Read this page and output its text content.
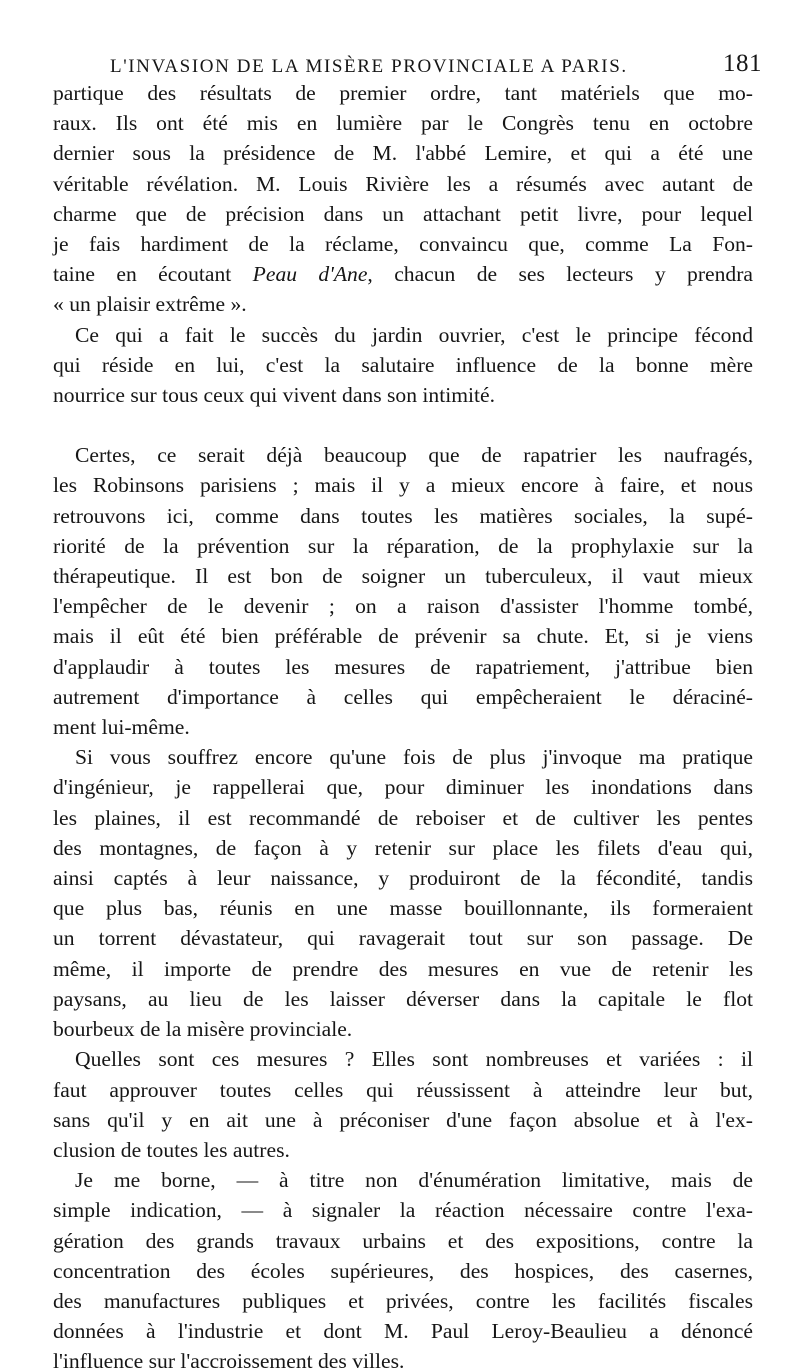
L'INVASION DE LA MISÈRE PROVINCIALE A PARIS.	181

partique des résultats de premier ordre, tant matériels que mo-
raux. Ils ont été mis en lumière par le Congrès tenu en octobre
dernier sous la présidence de M. l'abbé Lemire, et qui a été une
véritable révélation. M. Louis Rivière les a résumés avec autant de
charme que de précision dans un attachant petit livre, pour lequel
je fais hardiment de la réclame, convaincu que, comme La Fon-
taine en écoutant Peau d'Ane, chacun de ses lecteurs y prendra
« un plaisir extrême ».

Ce qui a fait le succès du jardin ouvrier, c'est le principe fécond
qui réside en lui, c'est la salutaire influence de la bonne mère
nourrice sur tous ceux qui vivent dans son intimité.

Certes, ce serait déjà beaucoup que de rapatrier les naufragés,
les Robinsons parisiens ; mais il y a mieux encore à faire, et nous
retrouvons ici, comme dans toutes les matières sociales, la supé-
riorité de la prévention sur la réparation, de la prophylaxie sur la
thérapeutique. Il est bon de soigner un tuberculeux, il vaut mieux
l'empêcher de le devenir ; on a raison d'assister l'homme tombé,
mais il eût été bien préférable de prévenir sa chute. Et, si je viens
d'applaudir à toutes les mesures de rapatriement, j'attribue bien
autrement d'importance à celles qui empêcheraient le déraciné-
ment lui-même.

Si vous souffrez encore qu'une fois de plus j'invoque ma pratique
d'ingénieur, je rappellerai que, pour diminuer les inondations dans
les plaines, il est recommandé de reboiser et de cultiver les pentes
des montagnes, de façon à y retenir sur place les filets d'eau qui,
ainsi captés à leur naissance, y produiront de la fécondité, tandis
que plus bas, réunis en une masse bouillonnante, ils formeraient
un torrent dévastateur, qui ravagerait tout sur son passage. De
même, il importe de prendre des mesures en vue de retenir les
paysans, au lieu de les laisser déverser dans la capitale le flot
bourbeux de la misère provinciale.

Quelles sont ces mesures ? Elles sont nombreuses et variées : il
faut approuver toutes celles qui réussissent à atteindre leur but,
sans qu'il y en ait une à préconiser d'une façon absolue et à l'ex-
clusion de toutes les autres.

Je me borne, — à titre non d'énumération limitative, mais de
simple indication, — à signaler la réaction nécessaire contre l'exa-
gération des grands travaux urbains et des expositions, contre la
concentration des écoles supérieures, des hospices, des casernes,
des manufactures publiques et privées, contre les facilités fiscales
données à l'industrie et dont M. Paul Leroy-Beaulieu a dénoncé
l'influence sur l'accroissement des villes.
